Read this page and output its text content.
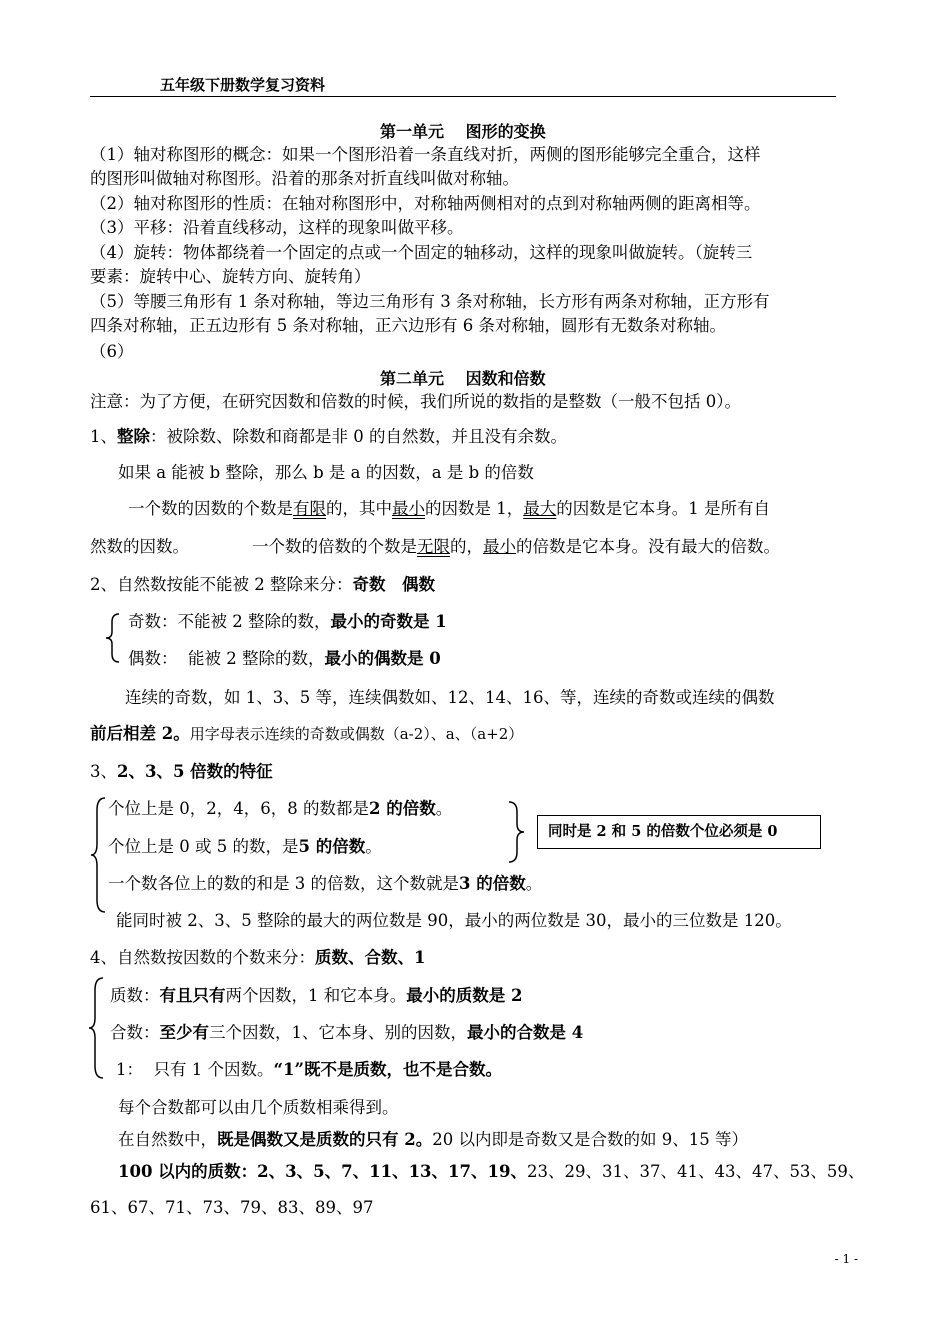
五年级下册数学复习资料
第一单元　 图形的变换
（1）轴对称图形的概念：如果一个图形沿着一条直线对折，两侧的图形能够完全重合，这样
的图形叫做轴对称图形。沿着的那条对折直线叫做对称轴。
（2）轴对称图形的性质：在轴对称图形中，对称轴两侧相对的点到对称轴两侧的距离相等。
（3）平移：沿着直线移动，这样的现象叫做平移。
（4）旋转：物体都绕着一个固定的点或一个固定的轴移动，这样的现象叫做旋转。（旋转三
要素：旋转中心、旋转方向、旋转角）
（5）等腰三角形有 1 条对称轴，等边三角形有 3 条对称轴，长方形有两条对称轴，正方形有
四条对称轴，正五边形有 5 条对称轴，正六边形有 6 条对称轴，圆形有无数条对称轴。
（6）
第二单元　 因数和倍数
注意：为了方便，在研究因数和倍数的时候，我们所说的数指的是整数（一般不包括 0）。
1、整除：被除数、除数和商都是非 0 的自然数，并且没有余数。
如果 a 能被 b 整除，那么 b 是 a 的因数，a 是 b 的倍数
一个数的因数的个数是有限的，其中最小的因数是 1，最大的因数是它本身。1 是所有自
然数的因数。	一个数的倍数的个数是无限的，最小的倍数是它本身。没有最大的倍数。
2、自然数按能不能被 2 整除来分：奇数　偶数
奇数：不能被 2 整除的数，最小的奇数是 1
偶数：  能被 2 整除的数，最小的偶数是 0
连续的奇数，如 1、3、5 等，连续偶数如、12、14、16、等，连续的奇数或连续的偶数
前后相差 2。用字母表示连续的奇数或偶数（a-2）、a、（a+2）
3、2、3、5 倍数的特征
个位上是 0，2，4，6，8 的数都是2 的倍数。
个位上是 0 或 5 的数，是5 的倍数。
同时是 2 和 5 的倍数个位必须是 0
一个数各位上的数的和是 3 的倍数，这个数就是3 的倍数。
能同时被 2、3、5 整除的最大的两位数是 90，最小的两位数是 30，最小的三位数是 120。
4、自然数按因数的个数来分：质数、合数、1
质数：有且只有两个因数，1 和它本身。最小的质数是 2
合数：至少有三个因数，1、它本身、别的因数，最小的合数是 4
1：  只有 1 个因数。“1”既不是质数，也不是合数。
每个合数都可以由几个质数相乘得到。
在自然数中，既是偶数又是质数的只有 2。20 以内即是奇数又是合数的如 9、15 等）
100 以内的质数：2、3、5、7、11、13、17、19、23、29、31、37、41、43、47、53、59、
61、67、71、73、79、83、89、97
- 1 -
